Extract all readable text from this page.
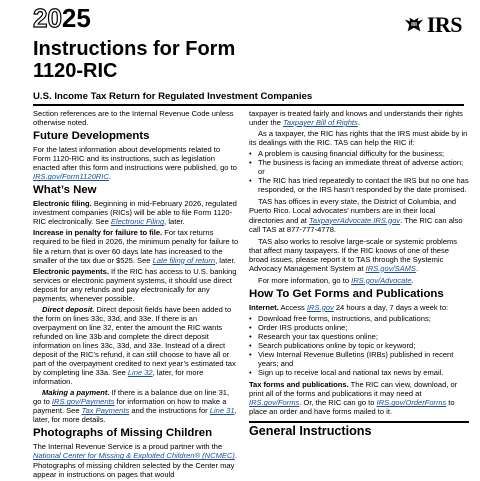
2025	IRS
Instructions for Form
1120-RIC
U.S. Income Tax Return for Regulated Investment Companies

Section references are to the Internal Revenue Code unless otherwise noted.

Future Developments

For the latest information about developments related to Form 1120-RIC and its instructions, such as legislation enacted after this form and instructions were published, go to IRS.gov/Form1120RIC.

What’s New

Electronic filing. Beginning in mid-February 2026, regulated investment companies (RICs) will be able to file Form 1120-RIC electronically. See Electronic Filing, later.

Increase in penalty for failure to file. For tax returns required to be filed in 2026, the minimum penalty for failure to file a return that is over 60 days late has increased to the smaller of the tax due or $525. See Late filing of return, later.

Electronic payments. If the RIC has access to U.S. banking services or electronic payment systems, it should use direct deposit for any refunds and pay electronically for any payments, whenever possible.

Direct deposit. Direct deposit fields have been added to the form on lines 33c, 33d, and 33e. If there is an overpayment on line 32, enter the amount the RIC wants refunded on line 33b and complete the direct deposit information on lines 33c, 33d, and 33e. Instead of a direct deposit of the RIC’s refund, it can still choose to have all or part of the overpayment credited to next year’s estimated tax by completing line 33a. See Line 32, later, for more information.

Making a payment. If there is a balance due on line 31, go to IRS.gov/Payments for information on how to make a payment. See Tax Payments and the instructions for Line 31, later, for more details.

Photographs of Missing Children

The Internal Revenue Service is a proud partner with the National Center for Missing & Exploited Children® (NCMEC). Photographs of missing children selected by the Center may appear in instructions on pages that would

taxpayer is treated fairly and knows and understands their rights under the Taxpayer Bill of Rights.

As a taxpayer, the RIC has rights that the IRS must abide by in its dealings with the RIC. TAS can help the RIC if:

• A problem is causing financial difficulty for the business;
• The business is facing an immediate threat of adverse action; or
• The RIC has tried repeatedly to contact the IRS but no one has responded, or the IRS hasn’t responded by the date promised.

TAS has offices in every state, the District of Columbia, and Puerto Rico. Local advocates’ numbers are in their local directories and at TaxpayerAdvocate.IRS.gov. The RIC can also call TAS at 877-777-4778.

TAS also works to resolve large-scale or systemic problems that affect many taxpayers. If the RIC knows of one of these broad issues, please report it to TAS through the Systemic Advocacy Management System at IRS.gov/SAMS.

For more information, go to IRS.gov/Advocate.

How To Get Forms and Publications

Internet. Access IRS.gov 24 hours a day, 7 days a week to:

• Download free forms, instructions, and publications;
• Order IRS products online;
• Research your tax questions online;
• Search publications online by topic or keyword;
• View Internal Revenue Bulletins (IRBs) published in recent years; and
• Sign up to receive local and national tax news by email.

Tax forms and publications. The RIC can view, download, or print all of the forms and publications it may need at IRS.gov/Forms. Or, the RIC can go to IRS.gov/OrderForms to place an order and have forms mailed to it.

General Instructions
